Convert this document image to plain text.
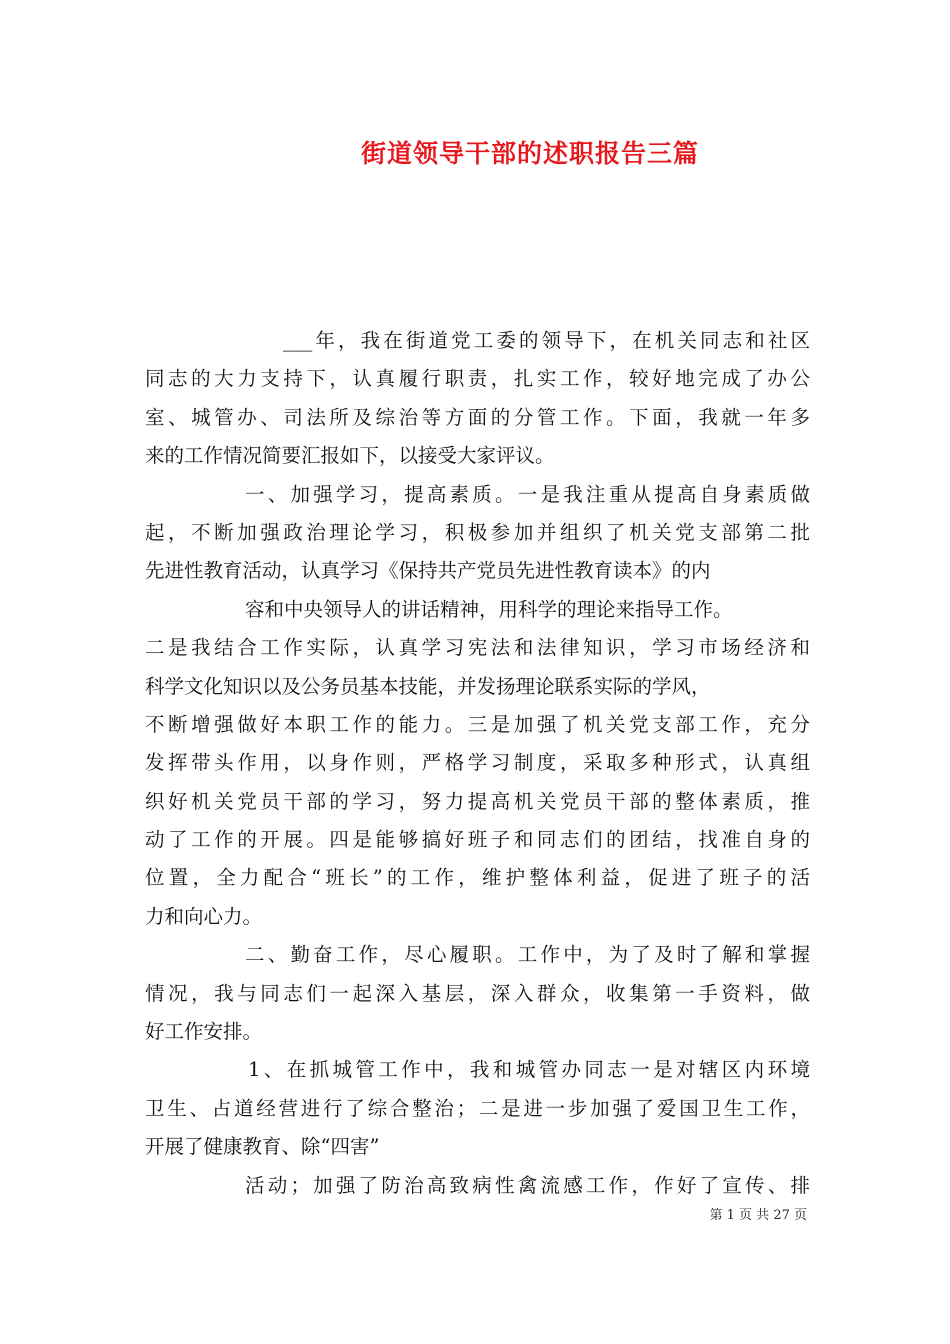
街道领导干部的述职报告三篇
___年，我在街道党工委的领导下，在机关同志和社区
同志的大力支持下，认真履行职责，扎实工作，较好地完成了办公
室、城管办、司法所及综治等方面的分管工作。下面，我就一年多
来的工作情况简要汇报如下，以接受大家评议。
一、加强学习，提高素质。一是我注重从提高自身素质做
起，不断加强政治理论学习，积极参加并组织了机关党支部第二批
先进性教育活动，认真学习《保持共产党员先进性教育读本》的内
容和中央领导人的讲话精神，用科学的理论来指导工作。
二是我结合工作实际，认真学习宪法和法律知识，学习市场经济和
科学文化知识以及公务员基本技能，并发扬理论联系实际的学风，
不断增强做好本职工作的能力。三是加强了机关党支部工作，充分
发挥带头作用，以身作则，严格学习制度，采取多种形式，认真组
织好机关党员干部的学习，努力提高机关党员干部的整体素质，推
动了工作的开展。四是能够搞好班子和同志们的团结，找准自身的
位置，全力配合“班长”的工作，维护整体利益，促进了班子的活
力和向心力。
二、勤奋工作，尽心履职。工作中，为了及时了解和掌握
情况，我与同志们一起深入基层，深入群众，收集第一手资料，做
好工作安排。
1、在抓城管工作中，我和城管办同志一是对辖区内环境
卫生、占道经营进行了综合整治；二是进一步加强了爱国卫生工作，
开展了健康教育、除“四害”
活动；加强了防治高致病性禽流感工作，作好了宣传、排
第 1 页 共 27 页
